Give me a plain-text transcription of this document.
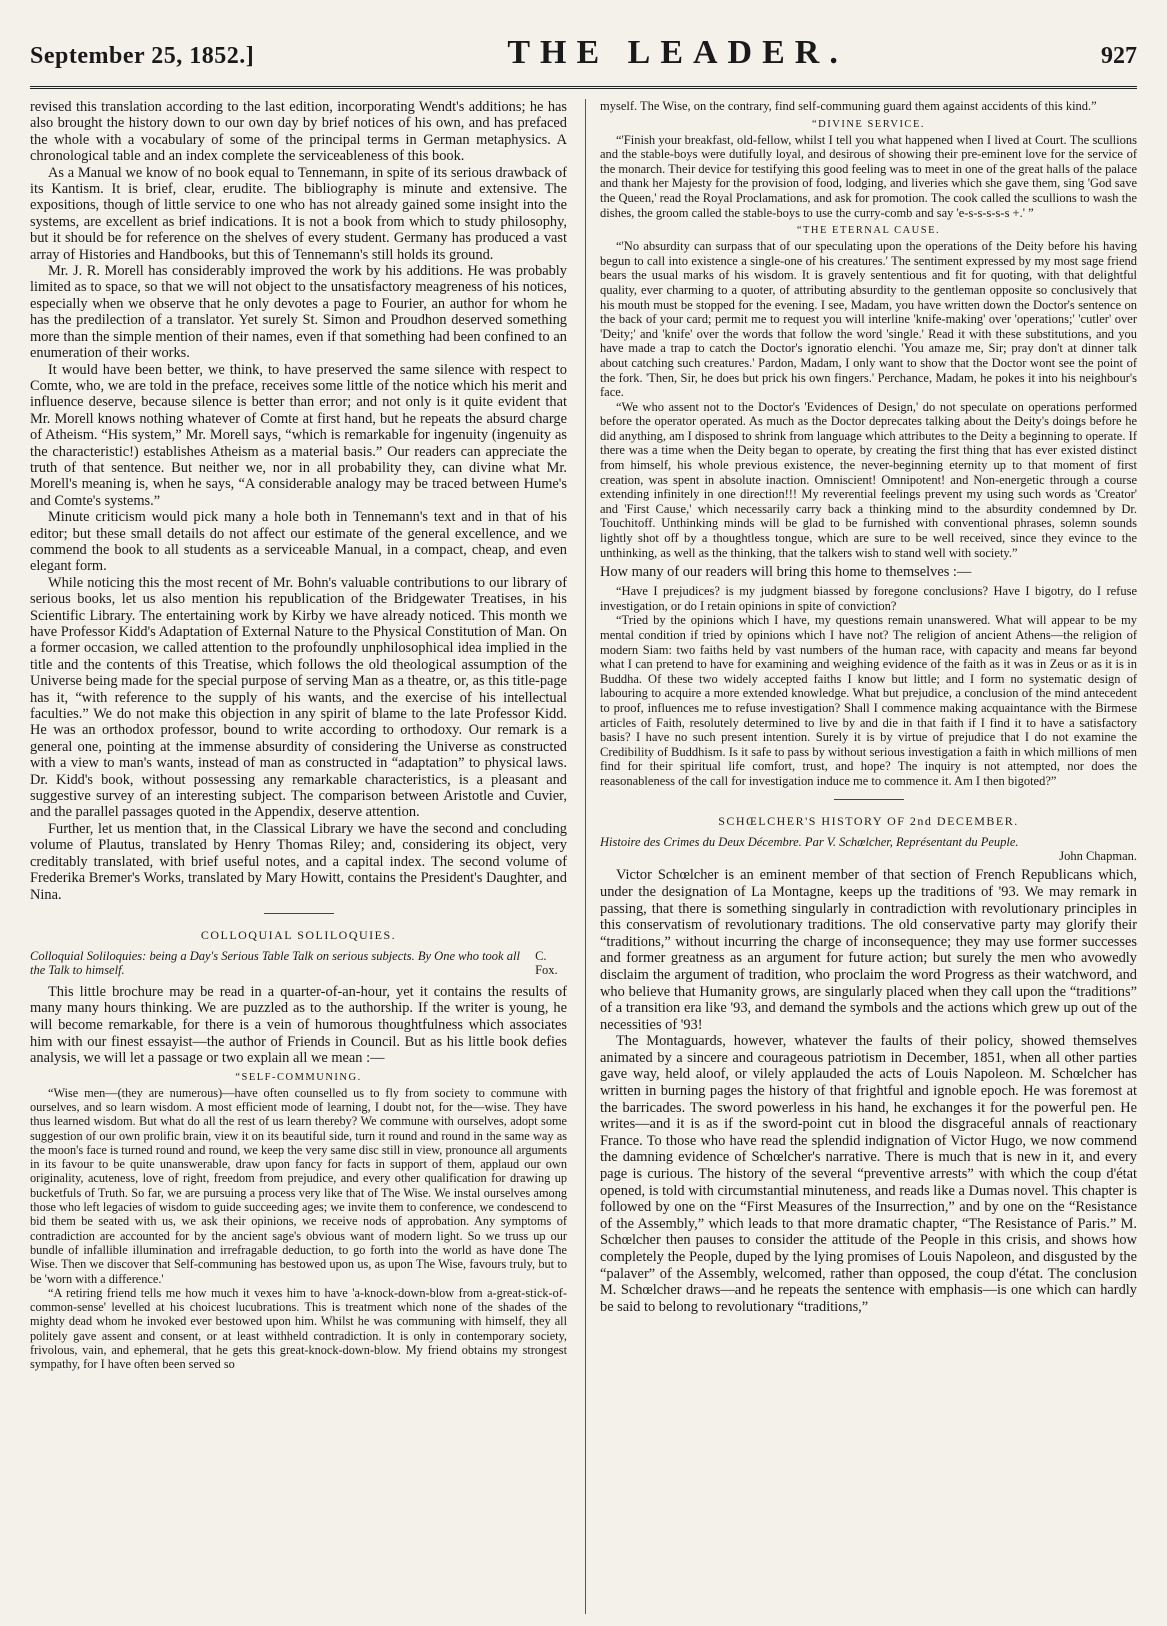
September 25, 1852.]	THE LEADER.	927

revised this translation according to the last edition, incorporating Wendt's additions; he has also brought the history down to our own day by brief notices of his own, and has prefaced the whole with a vocabulary of some of the principal terms in German metaphysics. A chronological table and an index complete the serviceableness of this book.

As a Manual we know of no book equal to Tennemann, in spite of its serious drawback of its Kantism. It is brief, clear, erudite. The bibliography is minute and extensive. The expositions, though of little service to one who has not already gained some insight into the systems, are excellent as brief indications. It is not a book from which to study philosophy, but it should be for reference on the shelves of every student. Germany has produced a vast array of Histories and Handbooks, but this of Tennemann's still holds its ground.

Mr. J. R. Morell has considerably improved the work by his additions. He was probably limited as to space, so that we will not object to the unsatisfactory meagreness of his notices, especially when we observe that he only devotes a page to Fourier, an author for whom he has the predilection of a translator. Yet surely St. Simon and Proudhon deserved something more than the simple mention of their names, even if that something had been confined to an enumeration of their works.

It would have been better, we think, to have preserved the same silence with respect to Comte, who, we are told in the preface, receives some little of the notice which his merit and influence deserve, because silence is better than error; and not only is it quite evident that Mr. Morell knows nothing whatever of Comte at first hand, but he repeats the absurd charge of Atheism. “His system,” Mr. Morell says, “which is remarkable for ingenuity (ingenuity as the characteristic!) establishes Atheism as a material basis.” Our readers can appreciate the truth of that sentence. But neither we, nor in all probability they, can divine what Mr. Morell's meaning is, when he says, “A considerable analogy may be traced between Hume's and Comte's systems.”

Minute criticism would pick many a hole both in Tennemann's text and in that of his editor; but these small details do not affect our estimate of the general excellence, and we commend the book to all students as a serviceable Manual, in a compact, cheap, and even elegant form.

While noticing this the most recent of Mr. Bohn's valuable contributions to our library of serious books, let us also mention his republication of the Bridgewater Treatises, in his Scientific Library. The entertaining work by Kirby we have already noticed. This month we have Professor Kidd's Adaptation of External Nature to the Physical Constitution of Man. On a former occasion, we called attention to the profoundly unphilosophical idea implied in the title and the contents of this Treatise, which follows the old theological assumption of the Universe being made for the special purpose of serving Man as a theatre, or, as this title-page has it, “with reference to the supply of his wants, and the exercise of his intellectual faculties.” We do not make this objection in any spirit of blame to the late Professor Kidd. He was an orthodox professor, bound to write according to orthodoxy. Our remark is a general one, pointing at the immense absurdity of considering the Universe as constructed with a view to man's wants, instead of man as constructed in “adaptation” to physical laws. Dr. Kidd's book, without possessing any remarkable characteristics, is a pleasant and suggestive survey of an interesting subject. The comparison between Aristotle and Cuvier, and the parallel passages quoted in the Appendix, deserve attention.

Further, let us mention that, in the Classical Library we have the second and concluding volume of Plautus, translated by Henry Thomas Riley; and, considering its object, very creditably translated, with brief useful notes, and a capital index. The second volume of Frederika Bremer's Works, translated by Mary Howitt, contains the President's Daughter, and Nina.

COLLOQUIAL SOLILOQUIES.
Colloquial Soliloquies: being a Day's Serious Table Talk on serious subjects. By One who took all the Talk to himself.
C. Fox.

This little brochure may be read in a quarter-of-an-hour, yet it contains the results of many many hours thinking. We are puzzled as to the authorship. If the writer is young, he will become remarkable, for there is a vein of humorous thoughtfulness which associates him with our finest essayist—the author of Friends in Council. But as his little book defies analysis, we will let a passage or two explain all we mean :—

“SELF-COMMUNING.

“Wise men—(they are numerous)—have often counselled us to fly from society to commune with ourselves, and so learn wisdom. A most efficient mode of learning, I doubt not, for the—wise. They have thus learned wisdom. But what do all the rest of us learn thereby? We commune with ourselves, adopt some suggestion of our own prolific brain, view it on its beautiful side, turn it round and round in the same way as the moon's face is turned round and round, we keep the very same disc still in view, pronounce all arguments in its favour to be quite unanswerable, draw upon fancy for facts in support of them, applaud our own originality, acuteness, love of right, freedom from prejudice, and every other qualification for drawing up bucketfuls of Truth. So far, we are pursuing a process very like that of The Wise. We instal ourselves among those who left legacies of wisdom to guide succeeding ages; we invite them to conference, we condescend to bid them be seated with us, we ask their opinions, we receive nods of approbation. Any symptoms of contradiction are accounted for by the ancient sage's obvious want of modern light. So we truss up our bundle of infallible illumination and irrefragable deduction, to go forth into the world as have done The Wise. Then we discover that Self-communing has bestowed upon us, as upon The Wise, favours truly, but to be 'worn with a difference.'

“A retiring friend tells me how much it vexes him to have 'a-knock-down-blow from a-great-stick-of-common-sense' levelled at his choicest lucubrations. This is treatment which none of the shades of the mighty dead whom he invoked ever bestowed upon him. Whilst he was communing with himself, they all politely gave assent and consent, or at least withheld contradiction. It is only in contemporary society, frivolous, vain, and ephemeral, that he gets this great-knock-down-blow. My friend obtains my strongest sympathy, for I have often been served so

myself. The Wise, on the contrary, find self-communing guard them against accidents of this kind.”

“DIVINE SERVICE.

“'Finish your breakfast, old-fellow, whilst I tell you what happened when I lived at Court. The scullions and the stable-boys were dutifully loyal, and desirous of showing their pre-eminent love for the service of the monarch. Their device for testifying this good feeling was to meet in one of the great halls of the palace and thank her Majesty for the provision of food, lodging, and liveries which she gave them, sing 'God save the Queen,' read the Royal Proclamations, and ask for promotion. The cook called the scullions to wash the dishes, the groom called the stable-boys to use the curry-comb and say 'e-s-s-s-s-s +.' ”

“THE ETERNAL CAUSE.

“'No absurdity can surpass that of our speculating upon the operations of the Deity before his having begun to call into existence a single-one of his creatures.' The sentiment expressed by my most sage friend bears the usual marks of his wisdom. It is gravely sententious and fit for quoting, with that delightful quality, ever charming to a quoter, of attributing absurdity to the gentleman opposite so conclusively that his mouth must be stopped for the evening. I see, Madam, you have written down the Doctor's sentence on the back of your card; permit me to request you will interline 'knife-making' over 'operations;' 'cutler' over 'Deity;' and 'knife' over the words that follow the word 'single.' Read it with these substitutions, and you have made a trap to catch the Doctor's ignoratio elenchi. 'You amaze me, Sir; pray don't at dinner talk about catching such creatures.' Pardon, Madam, I only want to show that the Doctor wont see the point of the fork. 'Then, Sir, he does but prick his own fingers.' Perchance, Madam, he pokes it into his neighbour's face.

“We who assent not to the Doctor's 'Evidences of Design,' do not speculate on operations performed before the operator operated. As much as the Doctor deprecates talking about the Deity's doings before he did anything, am I disposed to shrink from language which attributes to the Deity a beginning to operate. If there was a time when the Deity began to operate, by creating the first thing that has ever existed distinct from himself, his whole previous existence, the never-beginning eternity up to that moment of first creation, was spent in absolute inaction. Omniscient! Omnipotent! and Non-energetic through a course extending infinitely in one direction!!! My reverential feelings prevent my using such words as 'Creator' and 'First Cause,' which necessarily carry back a thinking mind to the absurdity condemned by Dr. Touchitoff. Unthinking minds will be glad to be furnished with conventional phrases, solemn sounds lightly shot off by a thoughtless tongue, which are sure to be well received, since they evince to the unthinking, as well as the thinking, that the talkers wish to stand well with society.”

How many of our readers will bring this home to themselves :—

“Have I prejudices? is my judgment biassed by foregone conclusions? Have I bigotry, do I refuse investigation, or do I retain opinions in spite of conviction?

“Tried by the opinions which I have, my questions remain unanswered. What will appear to be my mental condition if tried by opinions which I have not? The religion of ancient Athens—the religion of modern Siam: two faiths held by vast numbers of the human race, with capacity and means far beyond what I can pretend to have for examining and weighing evidence of the faith as it was in Zeus or as it is in Buddha. Of these two widely accepted faiths I know but little; and I form no systematic design of labouring to acquire a more extended knowledge. What but prejudice, a conclusion of the mind antecedent to proof, influences me to refuse investigation? Shall I commence making acquaintance with the Birmese articles of Faith, resolutely determined to live by and die in that faith if I find it to have a satisfactory basis? I have no such present intention. Surely it is by virtue of prejudice that I do not examine the Credibility of Buddhism. Is it safe to pass by without serious investigation a faith in which millions of men find for their spiritual life comfort, trust, and hope? The inquiry is not attempted, nor does the reasonableness of the call for investigation induce me to commence it. Am I then bigoted?”

SCHŒLCHER'S HISTORY OF 2nd DECEMBER.
Histoire des Crimes du Deux Décembre. Par V. Schœlcher, Représentant du Peuple.
John Chapman.

Victor Schœlcher is an eminent member of that section of French Republicans which, under the designation of La Montagne, keeps up the traditions of '93. We may remark in passing, that there is something singularly in contradiction with revolutionary principles in this conservatism of revolutionary traditions. The old conservative party may glorify their “traditions,” without incurring the charge of inconsequence; they may use former successes and former greatness as an argument for future action; but surely the men who avowedly disclaim the argument of tradition, who proclaim the word Progress as their watchword, and who believe that Humanity grows, are singularly placed when they call upon the “traditions” of a transition era like '93, and demand the symbols and the actions which grew up out of the necessities of '93!

The Montaguards, however, whatever the faults of their policy, showed themselves animated by a sincere and courageous patriotism in December, 1851, when all other parties gave way, held aloof, or vilely applauded the acts of Louis Napoleon. M. Schœlcher has written in burning pages the history of that frightful and ignoble epoch. He was foremost at the barricades. The sword powerless in his hand, he exchanges it for the powerful pen. He writes—and it is as if the sword-point cut in blood the disgraceful annals of reactionary France. To those who have read the splendid indignation of Victor Hugo, we now commend the damning evidence of Schœlcher's narrative. There is much that is new in it, and every page is curious. The history of the several “preventive arrests” with which the coup d'état opened, is told with circumstantial minuteness, and reads like a Dumas novel. This chapter is followed by one on the “First Measures of the Insurrection,” and by one on the “Resistance of the Assembly,” which leads to that more dramatic chapter, “The Resistance of Paris.” M. Schœlcher then pauses to consider the attitude of the People in this crisis, and shows how completely the People, duped by the lying promises of Louis Napoleon, and disgusted by the “palaver” of the Assembly, welcomed, rather than opposed, the coup d'état. The conclusion M. Schœlcher draws—and he repeats the sentence with emphasis—is one which can hardly be said to belong to revolutionary “traditions,”
